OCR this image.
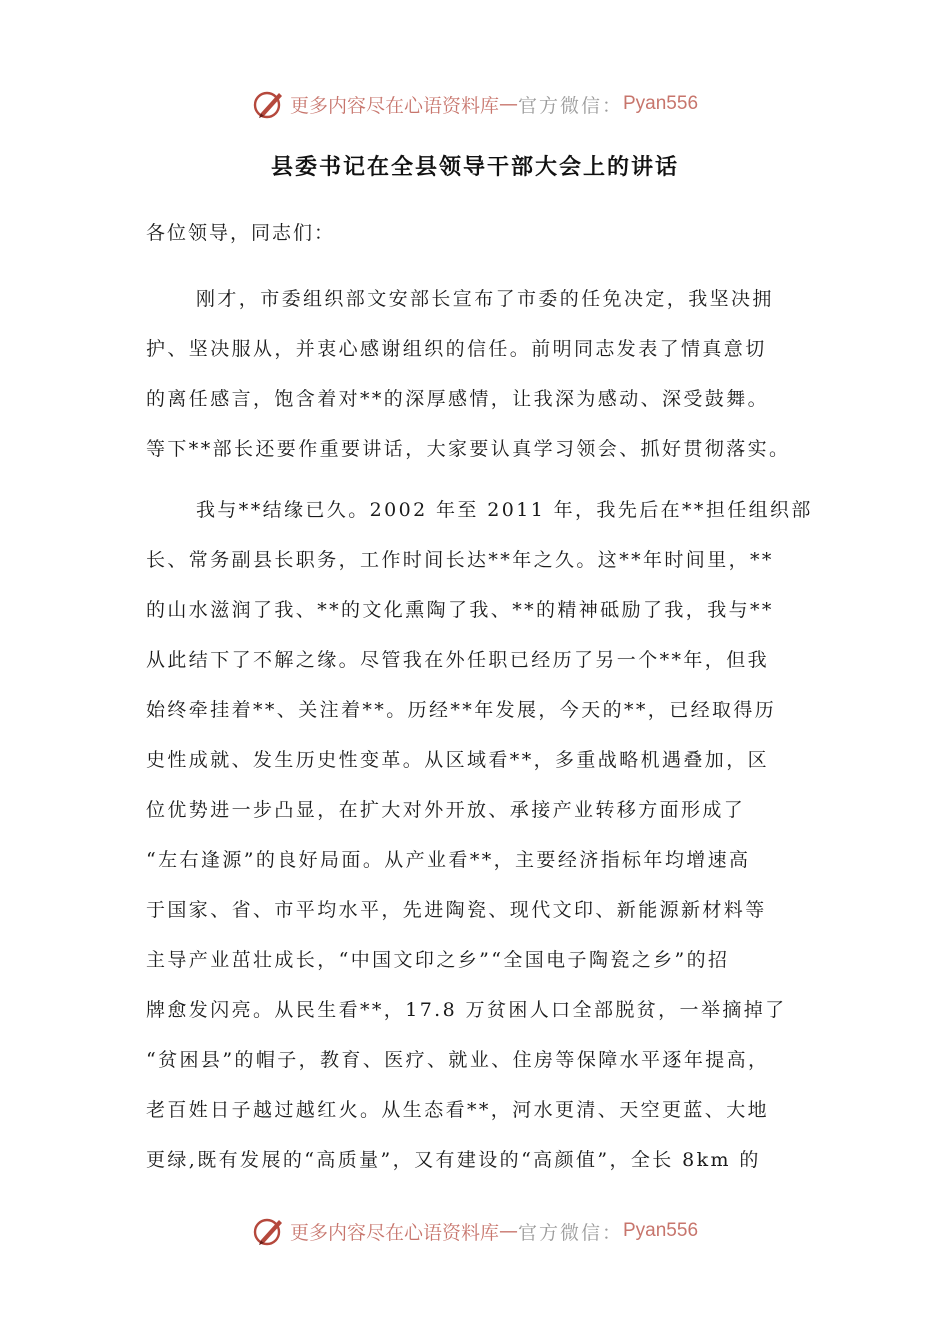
更多内容尽在心语资料库 — 官方微信： Pyan556
县委书记在全县领导干部大会上的讲话
各位领导，同志们：
刚才，市委组织部文安部长宣布了市委的任免决定，我坚决拥
护、坚决服从，并衷心感谢组织的信任。前明同志发表了情真意切
的离任感言，饱含着对**的深厚感情，让我深为感动、深受鼓舞。
等下**部长还要作重要讲话，大家要认真学习领会、抓好贯彻落实。
我与**结缘已久。2002 年至 2011 年，我先后在**担任组织部
长、常务副县长职务，工作时间长达**年之久。这**年时间里，**
的山水滋润了我、**的文化熏陶了我、**的精神砥励了我，我与**
从此结下了不解之缘。尽管我在外任职已经历了另一个**年，但我
始终牵挂着**、关注着**。历经**年发展，今天的**，已经取得历
史性成就、发生历史性变革。从区域看**，多重战略机遇叠加，区
位优势进一步凸显，在扩大对外开放、承接产业转移方面形成了
“左右逢源”的良好局面。从产业看**，主要经济指标年均增速高
于国家、省、市平均水平，先进陶瓷、现代文印、新能源新材料等
主导产业茁壮成长，“中国文印之乡”“全国电子陶瓷之乡”的招
牌愈发闪亮。从民生看**，17.8 万贫困人口全部脱贫，一举摘掉了
“贫困县”的帽子，教育、医疗、就业、住房等保障水平逐年提高，
老百姓日子越过越红火。从生态看**，河水更清、天空更蓝、大地
更绿,既有发展的“高质量”，又有建设的“高颜值”，全长 8km 的
更多内容尽在心语资料库 — 官方微信： Pyan556
